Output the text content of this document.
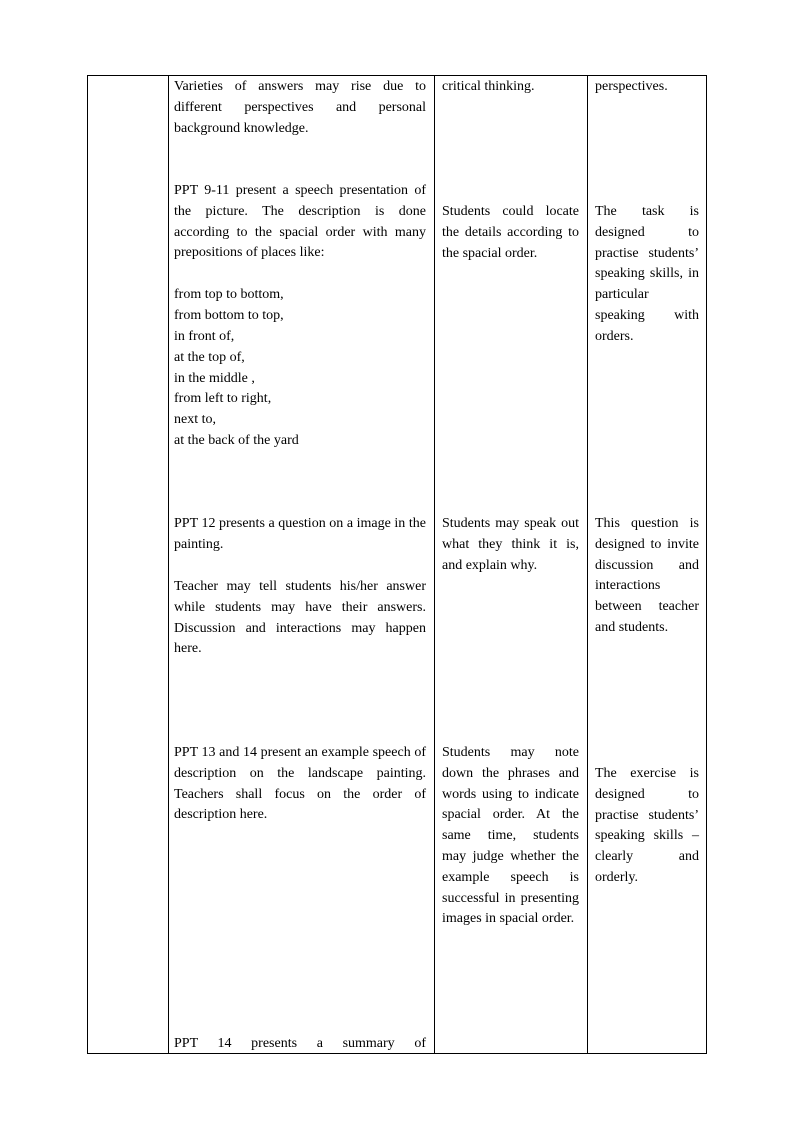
Varieties of answers may rise due to different perspectives and personal background knowledge.

critical thinking.	perspectives.

PPT 9-11 present a speech presentation of the picture. The description is done according to the spacial order with many prepositions of places like:

from top to bottom,

from bottom to top,

in front of,

at the top of,

in the middle ,

from left to right,

next to,

at the back of the yard

Students could locate the details according to the spacial order.

The task is designed to practise students’ speaking skills, in particular speaking with orders.

PPT 12 presents a question on a image in the painting.

Teacher may tell students his/her answer while students may have their answers. Discussion and interactions may happen here.

Students may speak out what they think it is, and explain why.

This question is designed to invite discussion and interactions between teacher and students.

PPT 13 and 14 present an example speech of description on the landscape painting. Teachers shall focus on the order of description here.

Students may note down the phrases and words using to indicate spacial order. At the same time, students may judge whether the example speech is successful in presenting images in spacial order.

The exercise is designed to practise students’ speaking skills – clearly and orderly.

PPT 14 presents a summary of
